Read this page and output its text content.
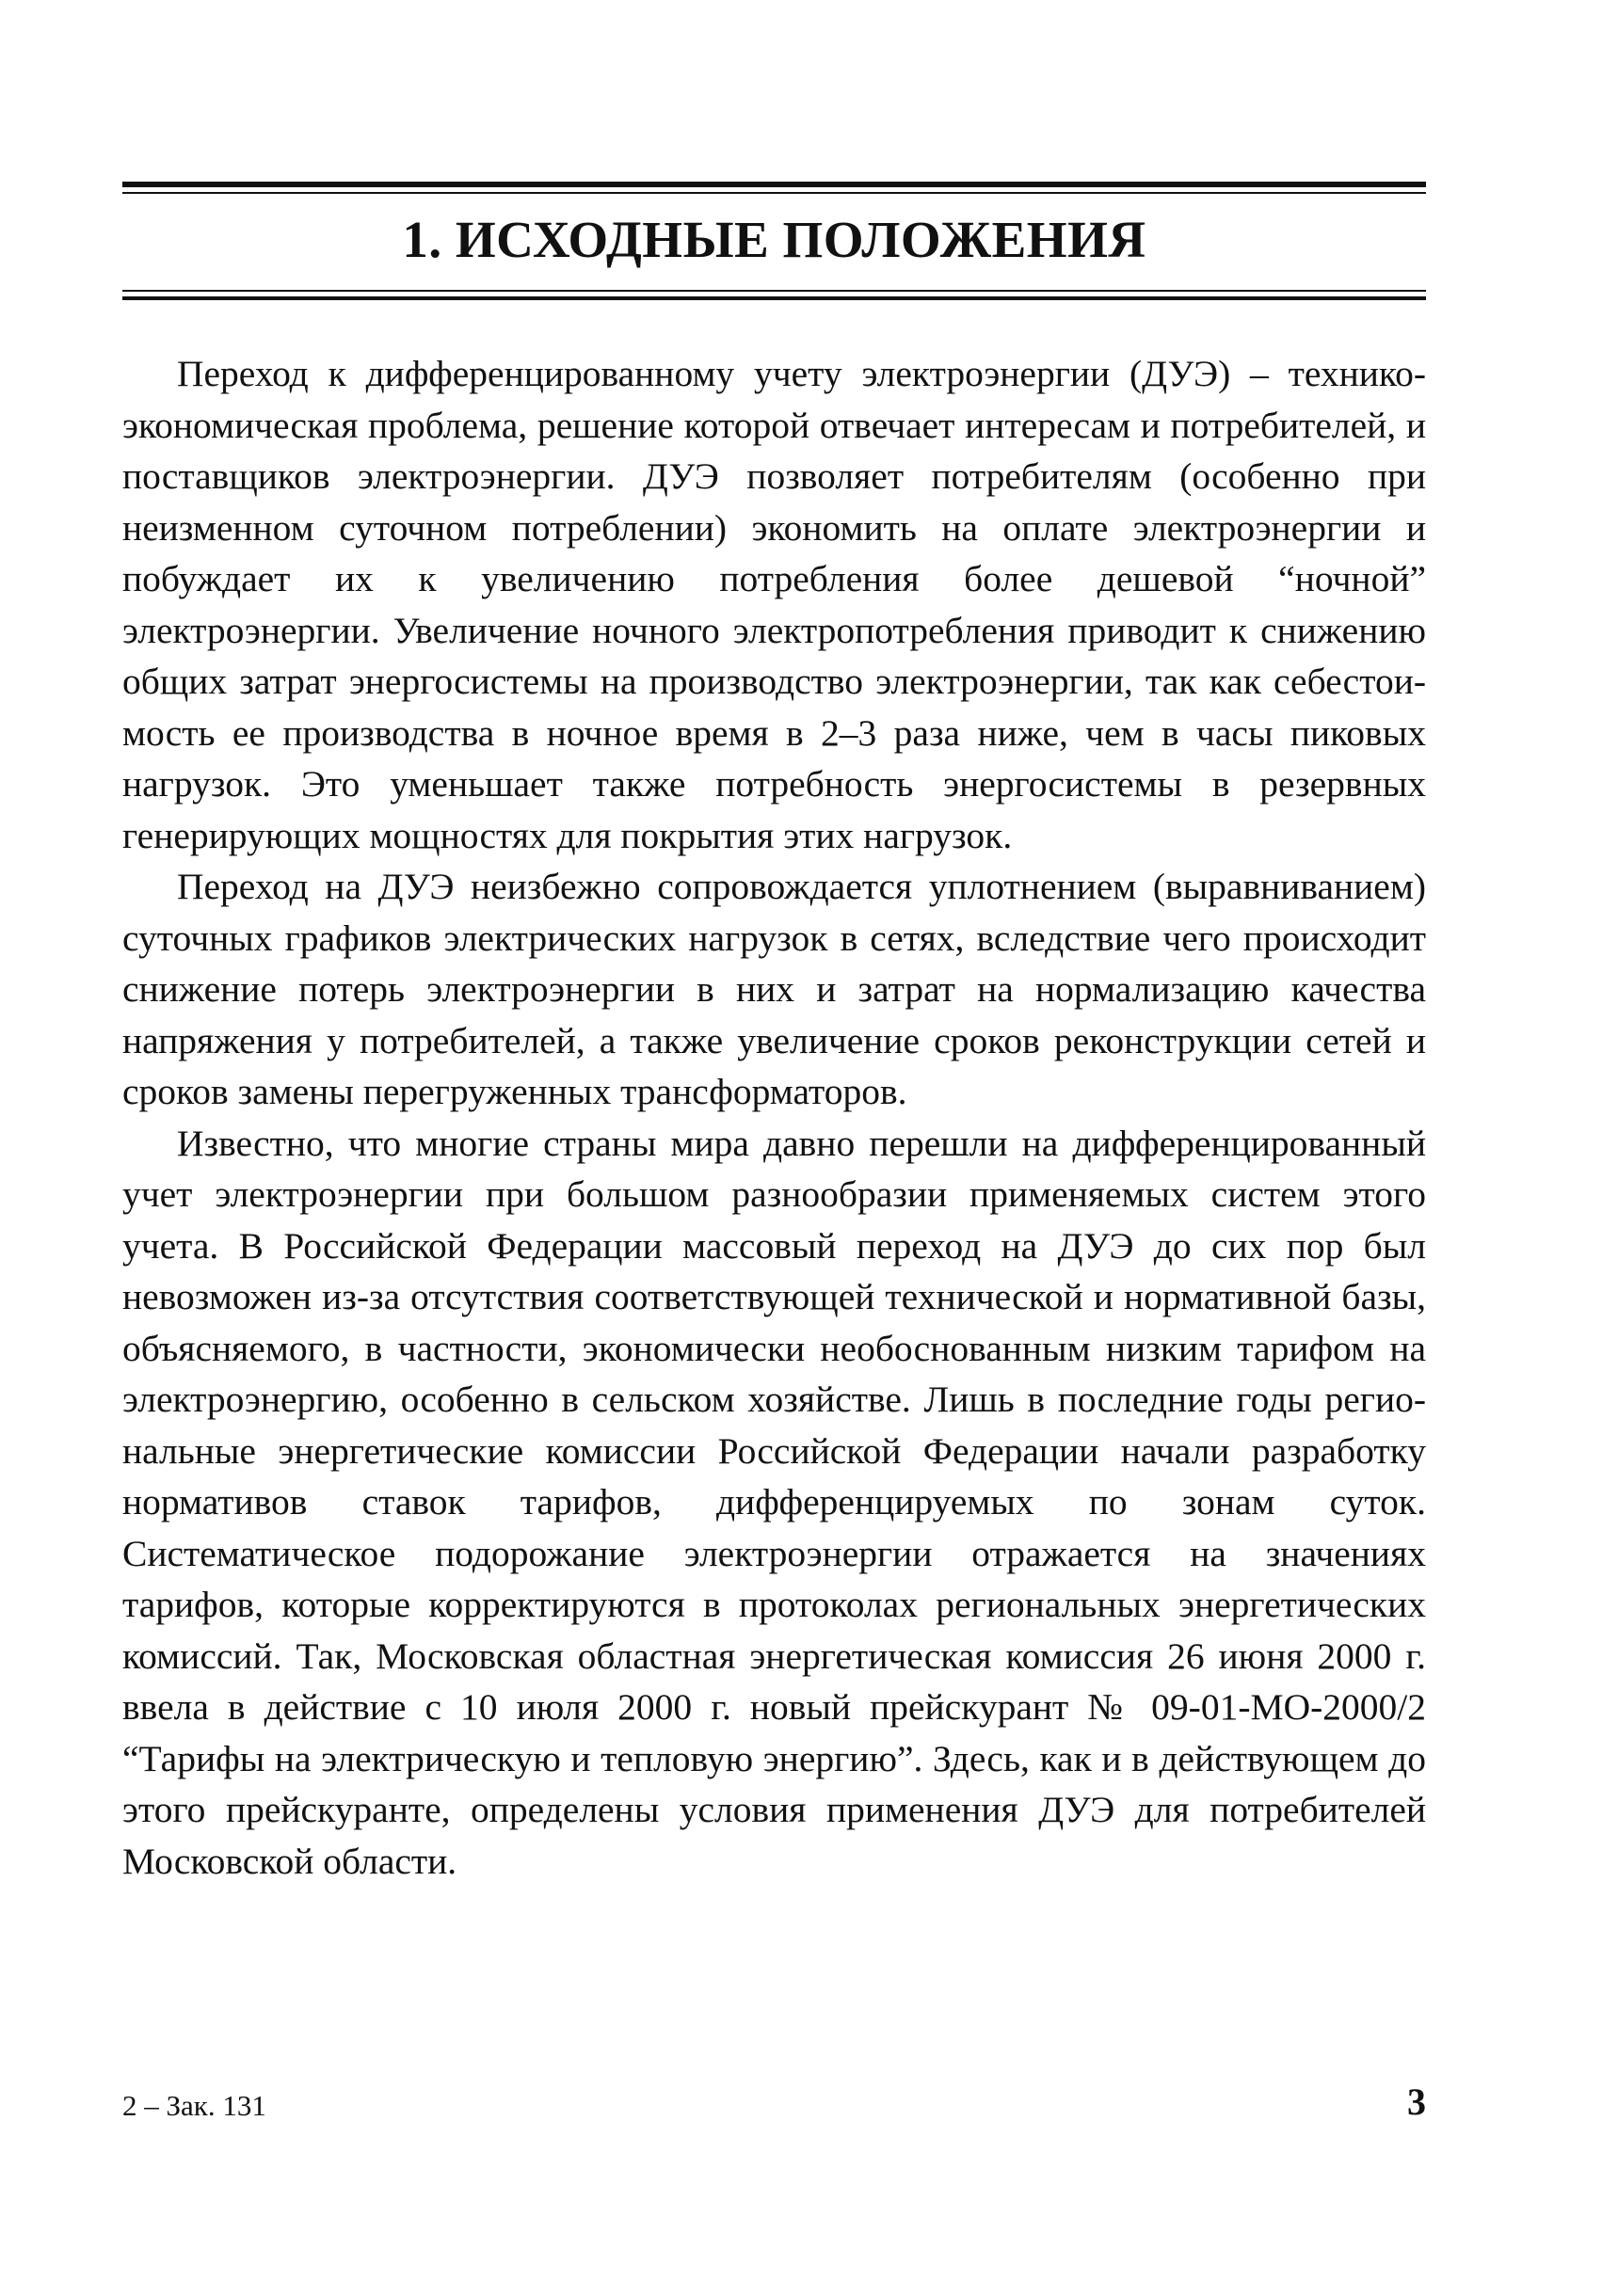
1. ИСХОДНЫЕ ПОЛОЖЕНИЯ

Переход к дифференцированному учету электроэнергии (ДУЭ) – технико-экономическая проблема, решение которой отвечает интересам и потребителей, и поставщиков электроэнергии. ДУЭ позволяет потребителям (особенно при неизменном суточном потреблении) экономить на оплате электроэнергии и побуждает их к увеличению потребления более дешевой “ночной” электроэнергии. Увеличение ночного электропотребления приводит к снижению общих затрат энергосистемы на производство электроэнергии, так как себестоимость ее производства в ночное время в 2–3 раза ниже, чем в часы пиковых нагрузок. Это уменьшает также потребность энергосистемы в резервных генерирующих мощностях для покрытия этих нагрузок.

Переход на ДУЭ неизбежно сопровождается уплотнением (выравниванием) суточных графиков электрических нагрузок в сетях, вследствие чего происходит снижение потерь электроэнергии в них и затрат на нормализацию качества напряжения у потребителей, а также увеличение сроков реконструкции сетей и сроков замены перегруженных трансформаторов.

Известно, что многие страны мира давно перешли на дифференцированный учет электроэнергии при большом разнообразии применяемых систем этого учета. В Российской Федерации массовый переход на ДУЭ до сих пор был невозможен из-за отсутствия соответствующей технической и нормативной базы, объясняемого, в частности, экономически необоснованным низким тарифом на электроэнергию, особенно в сельском хозяйстве. Лишь в последние годы региональные энергетические комиссии Российской Федерации начали разработку нормативов ставок тарифов, дифференцируемых по зонам суток. Систематическое подорожание электроэнергии отражается на значениях тарифов, которые корректируются в протоколах региональных энергетических комиссий. Так, Московская областная энергетическая комиссия 26 июня 2000 г. ввела в действие с 10 июля 2000 г. новый прейскурант № 09-01-МО-2000/2 “Тарифы на электрическую и тепловую энергию”. Здесь, как и в действующем до этого прейскуранте, определены условия применения ДУЭ для потребителей Московской области.

2 – Зак. 131	3
